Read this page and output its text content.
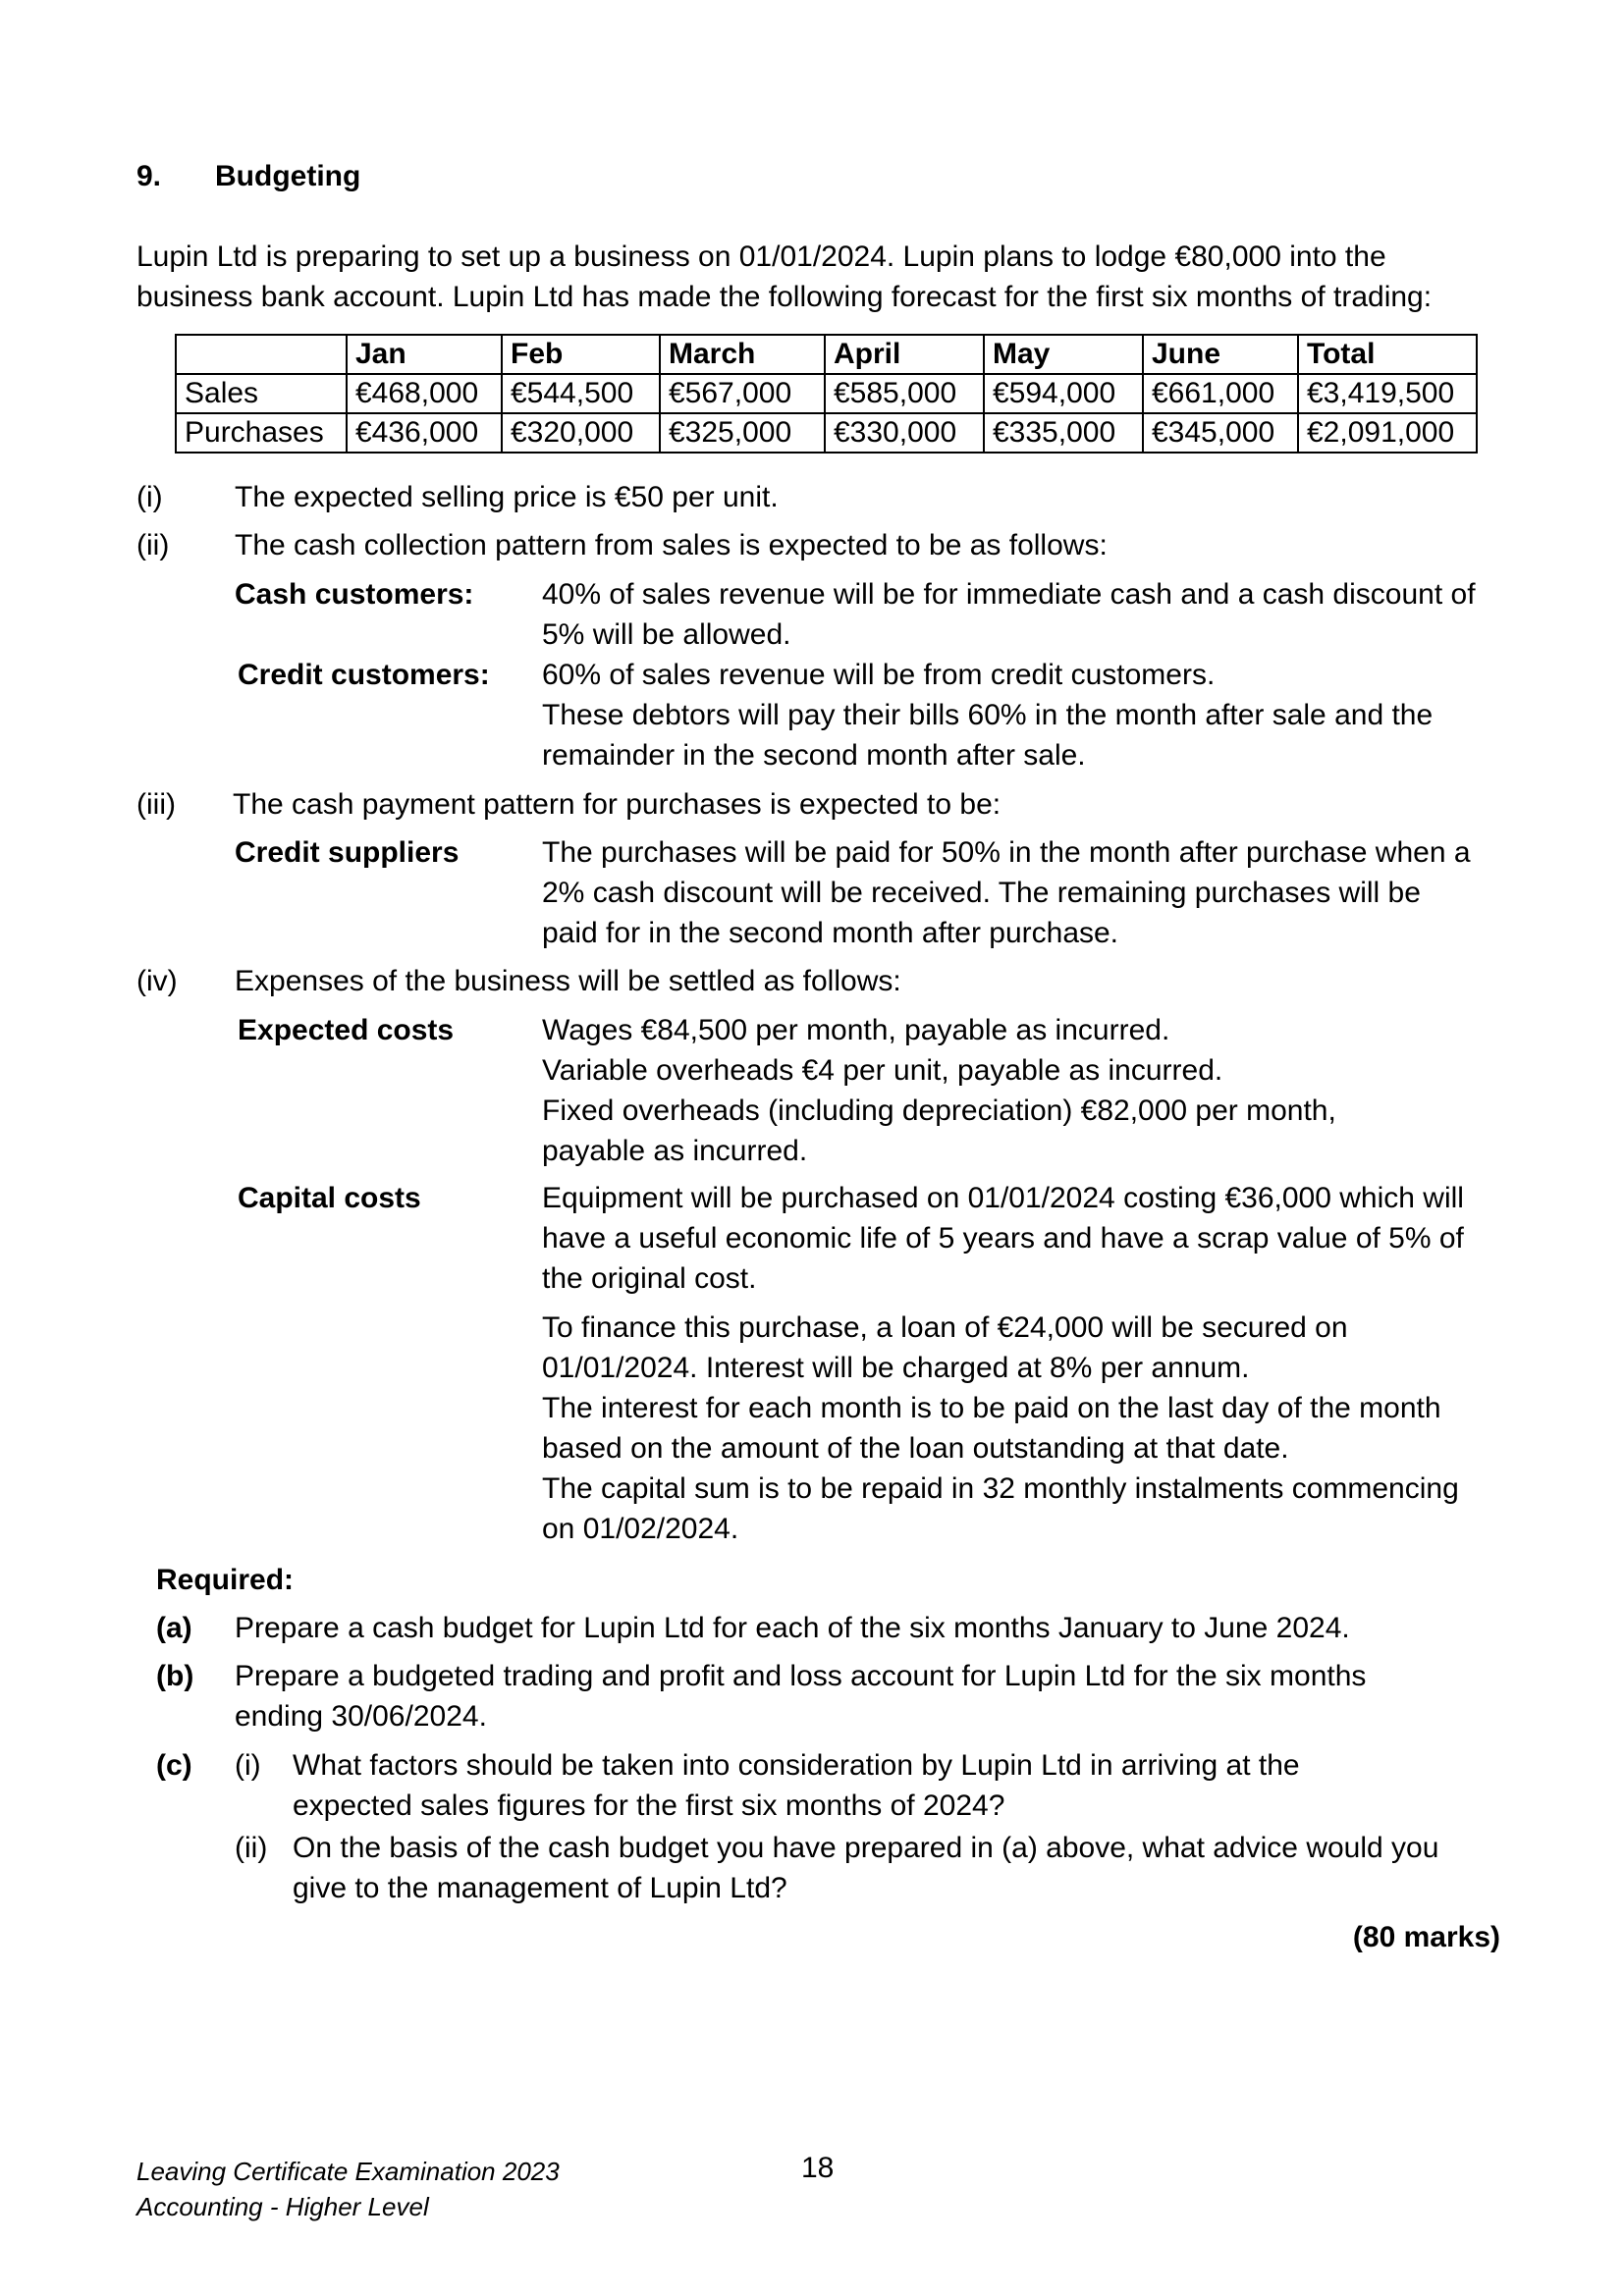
9. Budgeting
Lupin Ltd is preparing to set up a business on 01/01/2024. Lupin plans to lodge €80,000 into the
business bank account. Lupin Ltd has made the following forecast for the first six months of trading:
	Jan	Feb	March	April	May	June	Total
Sales	€468,000	€544,500	€567,000	€585,000	€594,000	€661,000	€3,419,500
Purchases	€436,000	€320,000	€325,000	€330,000	€335,000	€345,000	€2,091,000
(i) The expected selling price is €50 per unit.
(ii) The cash collection pattern from sales is expected to be as follows:
Cash customers: 40% of sales revenue will be for immediate cash and a cash discount of
5% will be allowed.
Credit customers: 60% of sales revenue will be from credit customers.
These debtors will pay their bills 60% in the month after sale and the
remainder in the second month after sale.
(iii) The cash payment pattern for purchases is expected to be:
Credit suppliers	The purchases will be paid for 50% in the month after purchase when a
2% cash discount will be received. The remaining purchases will be
paid for in the second month after purchase.
(iv) Expenses of the business will be settled as follows:
Expected costs	Wages €84,500 per month, payable as incurred.
Variable overheads €4 per unit, payable as incurred.
Fixed overheads (including depreciation) €82,000 per month,
payable as incurred.
Capital costs	Equipment will be purchased on 01/01/2024 costing €36,000 which will
have a useful economic life of 5 years and have a scrap value of 5% of
the original cost.
To finance this purchase, a loan of €24,000 will be secured on
01/01/2024. Interest will be charged at 8% per annum.
The interest for each month is to be paid on the last day of the month
based on the amount of the loan outstanding at that date.
The capital sum is to be repaid in 32 monthly instalments commencing
on 01/02/2024.
Required:
(a) Prepare a cash budget for Lupin Ltd for each of the six months January to June 2024.
(b) Prepare a budgeted trading and profit and loss account for Lupin Ltd for the six months
ending 30/06/2024.
(c) (i) What factors should be taken into consideration by Lupin Ltd in arriving at the
expected sales figures for the first six months of 2024?
(ii) On the basis of the cash budget you have prepared in (a) above, what advice would you
give to the management of Lupin Ltd?
(80 marks)
Leaving Certificate Examination 2023
Accounting - Higher Level
18
